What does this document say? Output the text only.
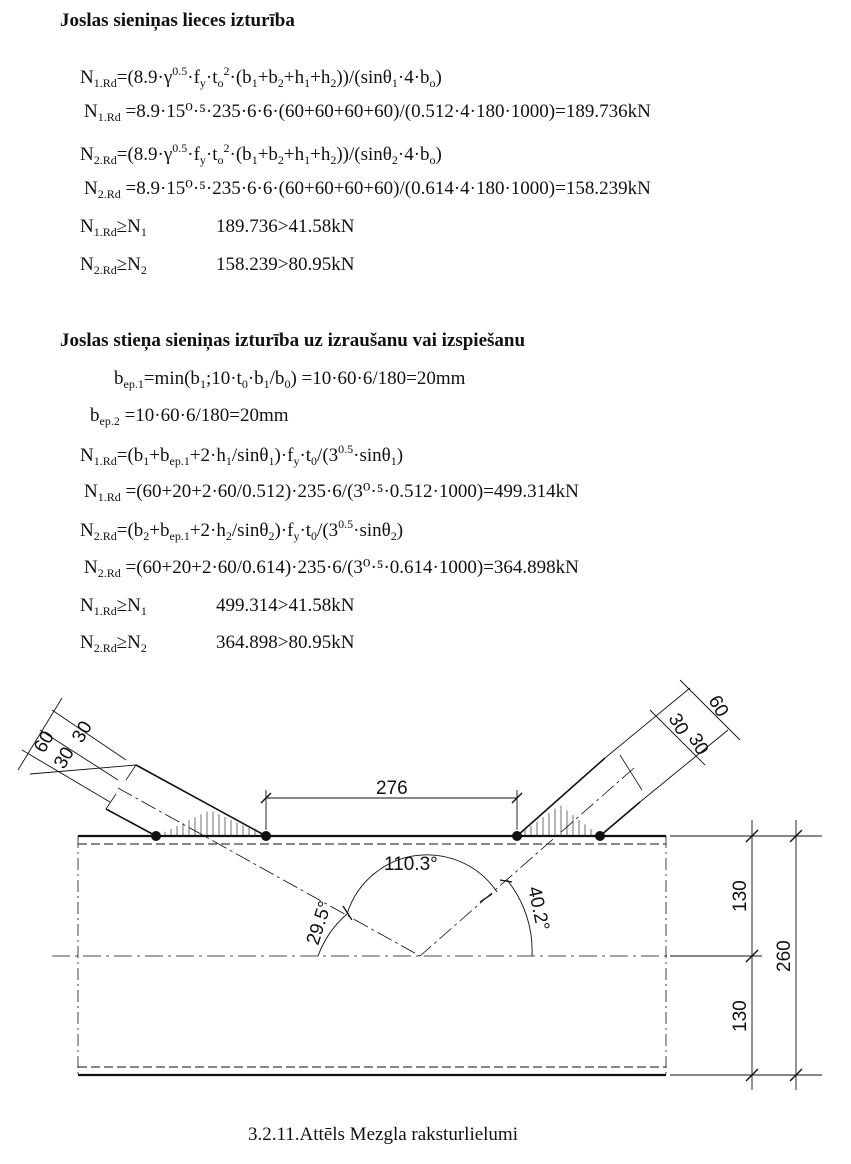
Joslas sieniņas lieces izturība
$N_{1.Rd}=(8.9\cdot\gamma^{0.5}\cdot f_y\cdot t_o^2\cdot(b_1+b_2+h_1+h_2))/(\sin\theta_1\cdot 4\cdot b_o)$
$N_{1.Rd} =8.9\cdot 15^0\cdot^5\cdot 235\cdot 6\cdot 6\cdot(60+60+60+60)/(0.512\cdot 4\cdot 180\cdot 1000)=189.736kN$
$N_{2.Rd}=(8.9\cdot\gamma^{0.5}\cdot f_y\cdot t_o^2\cdot(b_1+b_2+h_1+h_2))/(\sin\theta_2\cdot 4\cdot b_o)$
$N_{2.Rd} =8.9\cdot 15^0\cdot^5\cdot 235\cdot 6\cdot 6\cdot(60+60+60+60)/(0.614\cdot 4\cdot 180\cdot 1000)=158.239kN$
$N_{1.Rd}\ge N_1$	189.736>41.58kN
$N_{2.Rd}\ge N_2$	158.239>80.95kN
Joslas stieņa sieniņas izturība uz izraušanu vai izspiešanu
$b_{ep.1}=\min(b_1;10\cdot t_0\cdot b_1/b_0) =10\cdot 60\cdot 6/180=20mm$
$b_{ep.2} =10\cdot 60\cdot 6/180=20mm$
$N_{1.Rd}=(b_1+b_{ep.1}+2\cdot h_1/\sin\theta_1)\cdot f_y\cdot t_0/(3^{0.5}\cdot\sin\theta_1)$
$N_{1.Rd} =(60+20+2\cdot 60/0.512)\cdot 235\cdot 6/(3^0\cdot^5\cdot 0.512\cdot 1000)=499.314kN$
$N_{2.Rd}=(b_2+b_{ep.1}+2\cdot h_2/\sin\theta_2)\cdot f_y\cdot t_0/(3^{0.5}\cdot\sin\theta_2)$
$N_{2.Rd} =(60+20+2\cdot 60/0.614)\cdot 235\cdot 6/(3^0\cdot^5\cdot 0.614\cdot 1000)=364.898kN$
$N_{1.Rd}\ge N_1$	499.314>41.58kN
$N_{2.Rd}\ge N_2$	364.898>80.95kN
276
60
30
30
60
30
30
110.3°
29.5°	40.2°	130
130
260
3.2.11.Attēls Mezgla raksturlielumi
